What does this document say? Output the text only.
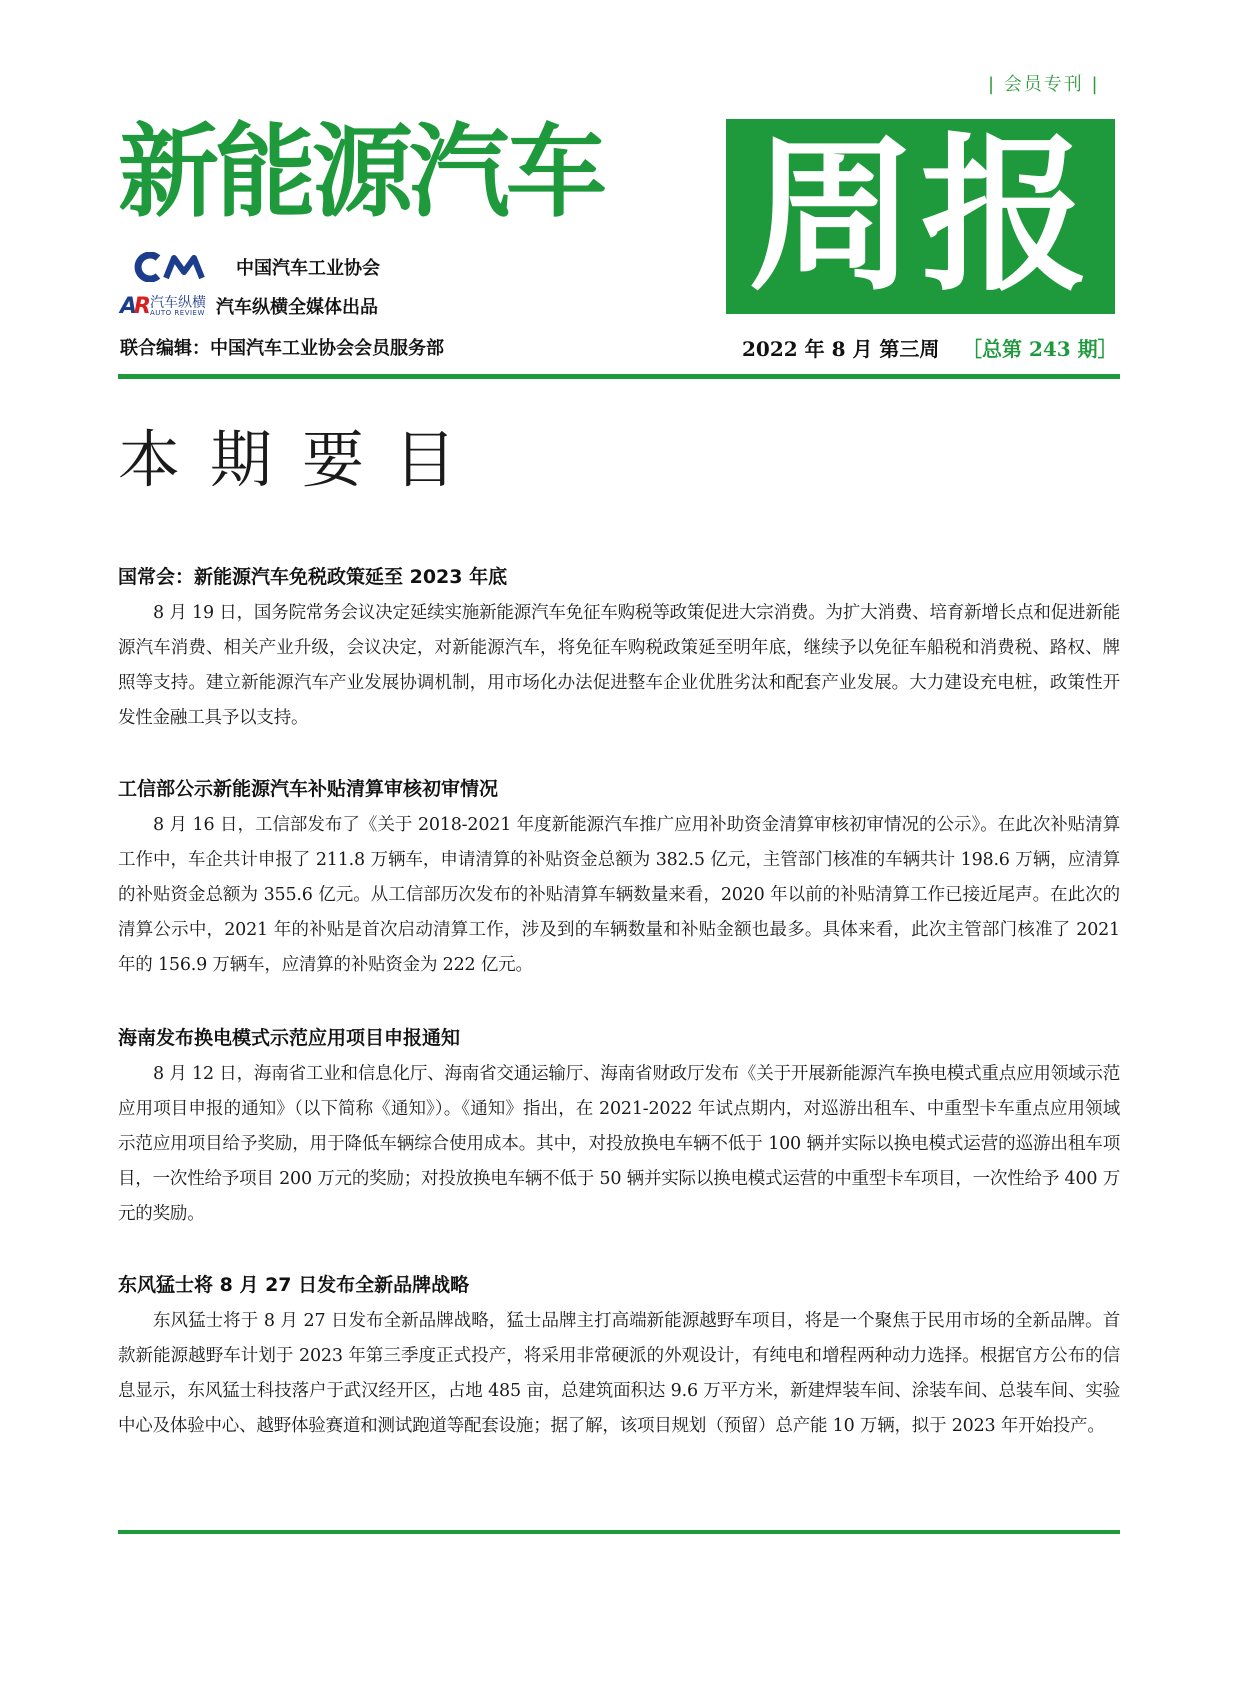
| 会员专刊 |
新能源汽车 周报
中国汽车工业协会
AR 汽车纵横
AUTO REVIEW 汽车纵横全媒体出品
联合编辑：中国汽车工业协会会员服务部	2022 年 8 月 第三周 ［总第 243 期］
本期要目
国常会：新能源汽车免税政策延至 2023 年底

8 月 19 日，国务院常务会议决定延续实施新能源汽车免征车购税等政策促进大宗消费。为扩大消费、培育新增长点和促进新能源汽车消费、相关产业升级，会议决定，对新能源汽车，将免征车购税政策延至明年底，继续予以免征车船税和消费税、路权、牌照等支持。建立新能源汽车产业发展协调机制，用市场化办法促进整车企业优胜劣汰和配套产业发展。大力建设充电桩，政策性开发性金融工具予以支持。

工信部公示新能源汽车补贴清算审核初审情况

8 月 16 日，工信部发布了《关于 2018-2021 年度新能源汽车推广应用补助资金清算审核初审情况的公示》。在此次补贴清算工作中，车企共计申报了 211.8 万辆车，申请清算的补贴资金总额为 382.5 亿元，主管部门核准的车辆共计 198.6 万辆，应清算的补贴资金总额为 355.6 亿元。从工信部历次发布的补贴清算车辆数量来看，2020 年以前的补贴清算工作已接近尾声。在此次的清算公示中，2021 年的补贴是首次启动清算工作，涉及到的车辆数量和补贴金额也最多。具体来看，此次主管部门核准了 2021 年的 156.9 万辆车，应清算的补贴资金为 222 亿元。

海南发布换电模式示范应用项目申报通知

8 月 12 日，海南省工业和信息化厅、海南省交通运输厅、海南省财政厅发布《关于开展新能源汽车换电模式重点应用领域示范应用项目申报的通知》（以下简称《通知》）。《通知》指出，在 2021-2022 年试点期内，对巡游出租车、中重型卡车重点应用领域示范应用项目给予奖励，用于降低车辆综合使用成本。其中，对投放换电车辆不低于 100 辆并实际以换电模式运营的巡游出租车项目，一次性给予项目 200 万元的奖励；对投放换电车辆不低于 50 辆并实际以换电模式运营的中重型卡车项目，一次性给予 400 万元的奖励。

东风猛士将 8 月 27 日发布全新品牌战略

东风猛士将于 8 月 27 日发布全新品牌战略，猛士品牌主打高端新能源越野车项目，将是一个聚焦于民用市场的全新品牌。首款新能源越野车计划于 2023 年第三季度正式投产，将采用非常硬派的外观设计，有纯电和增程两种动力选择。根据官方公布的信息显示，东风猛士科技落户于武汉经开区，占地 485 亩，总建筑面积达 9.6 万平方米，新建焊装车间、涂装车间、总装车间、实验中心及体验中心、越野体验赛道和测试跑道等配套设施；据了解，该项目规划（预留）总产能 10 万辆，拟于 2023 年开始投产。
